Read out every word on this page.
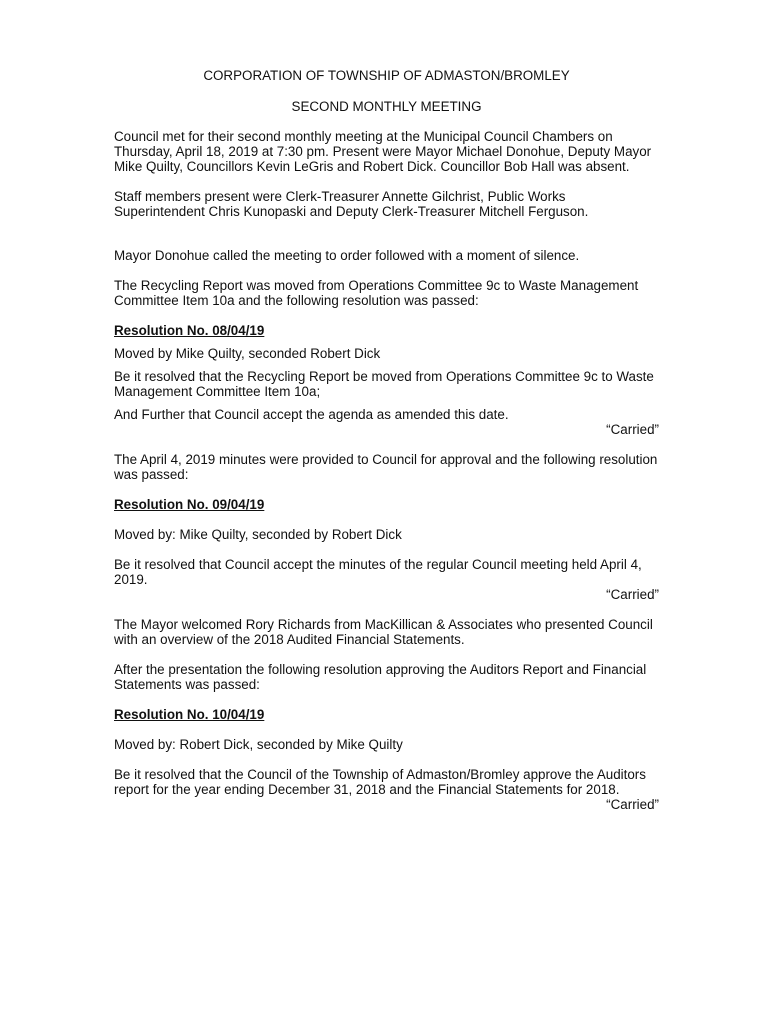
CORPORATION OF TOWNSHIP OF ADMASTON/BROMLEY

SECOND MONTHLY MEETING

Council met for their second monthly meeting at the Municipal Council Chambers on Thursday, April 18, 2019 at 7:30 pm. Present were Mayor Michael Donohue, Deputy Mayor Mike Quilty, Councillors Kevin LeGris and Robert Dick. Councillor Bob Hall was absent.

Staff members present were Clerk-Treasurer Annette Gilchrist, Public Works Superintendent Chris Kunopaski and Deputy Clerk-Treasurer Mitchell Ferguson.

Mayor Donohue called the meeting to order followed with a moment of silence.

The Recycling Report was moved from Operations Committee 9c to Waste Management Committee Item 10a and the following resolution was passed:

Resolution No. 08/04/19

Moved by Mike Quilty, seconded Robert Dick

Be it resolved that the Recycling Report be moved from Operations Committee 9c to Waste Management Committee Item 10a;

And Further that Council accept the agenda as amended this date.

“Carried”

The April 4, 2019 minutes were provided to Council for approval and the following resolution was passed:

Resolution No. 09/04/19

Moved by: Mike Quilty, seconded by Robert Dick

Be it resolved that Council accept the minutes of the regular Council meeting held April 4, 2019.

“Carried”

The Mayor welcomed Rory Richards from MacKillican & Associates who presented Council with an overview of the 2018 Audited Financial Statements.

After the presentation the following resolution approving the Auditors Report and Financial Statements was passed:

Resolution No. 10/04/19

Moved by: Robert Dick, seconded by Mike Quilty

Be it resolved that the Council of the Township of Admaston/Bromley approve the Auditors report for the year ending December 31, 2018 and the Financial Statements for 2018.

“Carried”
